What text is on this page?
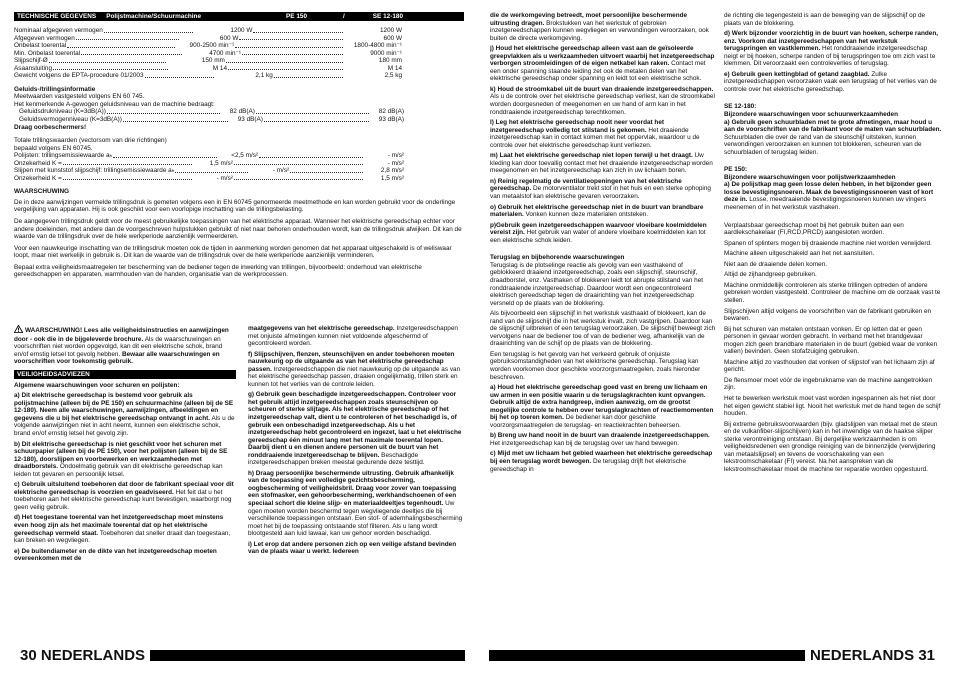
TECHNISCHE GEGEVENS Polijstmachine/Schuurmachine	PE 150	/	SE 12-180
Nominaal afgegeven vermogen	1200 W	1200 W
Afgegeven vermogen	600 W	600 W
Onbelast toerental	900-2500 min⁻¹	1800-4800 min⁻¹
Min. Onbelast toerental	4700 min⁻¹	9000 min⁻¹
Slijpschijf-Ø	150 mm	180 mm
Asaansluiting	M 14	M 14
Gewicht volgens de EPTA-procedure 01/2003	2,1 kg	2,5 kg
Geluids-/trillingsinformatie
Meetwaarden vastgesteld volgens EN 60 745.
Het kenmerkende A-gewogen geluidsniveau van de machine bedraagt:
Geluidsdrukniveau (K=3dB(A))	82 dB(A)	82 dB(A)
Geluidsvermogenniveau (K=3dB(A))	93 dB(A)	93 dB(A)
Draag oorbeschermers!
Totale trillingswaarden (vectorsom van drie richtingen) bepaald volgens EN 60745.
Polijsten: trillingsemissiewaarde aₕ	<2,5 m/s²	- m/s²
Onzekerheid K =	1,5 m/s²	- m/s²
Slijpen met kunststof slijpschijf: trillingsemissiewaarde aₕ	- m/s²	2,8 m/s²
Onzekerheid K =	- m/s²	1,5 m/s²
WAARSCHUWING

De in deze aanwijzingen vermelde trillingsdruk is gemeten volgens een in EN 60745 genormeerde meetmethode en kan worden gebruikt voor de onderlinge vergelijking van apparaten. Hij is ook geschikt voor een voorlopige inschatting van de trillingsbelasting.

De aangegeven trillingsdruk geldt voor de meest gebruikelijke toepassingen van het elektrische apparaat. Wanneer het elektrische gereedschap echter voor andere doeleinden, met andere dan de voorgeschreven hulpstukken gebruikt of niet naar behoren onderhouden wordt, kan de trillingsdruk afwijken. Dit kan de waarde van de trillingsdruk over de hele werkperiode aanzienlijk vermeerderen.

Voor een nauwkeurige inschatting van de trillingsdruk moeten ook de tijden in aanmerking worden genomen dat het apparaat uitgeschakeld is of weliswaar loopt, maar niet werkelijk in gebruik is. Dit kan de waarde van de trillingsdruk over de hele werkperiode aanzienlijk verminderen.

Bepaal extra veiligheidsmaatregelen ter bescherming van de bediener tegen de inwerking van trillingen, bijvoorbeeld: onderhoud van elektrische gereedschappen en apparaten, warmhouden van de handen, organisatie van de werkprocessen.

WAARSCHUWING! Lees alle veiligheidsinstructies en aanwijzingen door - ook die in de bijgeleverde brochure. Als de waarschuwingen en voorschriften niet worden opgevolgd, kan dit een elektrische schok, brand en/of ernstig letsel tot gevolg hebben. Bewaar alle waarschuwingen en voorschriften voor toekomstig gebruik.

VEILIGHEIDSADVIEZEN

Algemene waarschuwingen voor schuren en polijsten:

a) Dit elektrische gereedschap is bestemd voor gebruik als polijstmachine (alleen bij de PE 150) en schuurmachine (alleen bij de SE 12-180). Neem alle waarschuwingen, aanwijzingen, afbeeldingen en gegevens die u bij het elektrische gereedschap ontvangt in acht. Als u de volgende aanwijzingen niet in acht neemt, kunnen een elektrische schok, brand en/of ernstig letsel het gevolg zijn.

b) Dit elektrische gereedschap is niet geschikt voor het schuren met schuurpapier (alleen bij de PE 150), voor het polijsten (alleen bij de SE 12-180), doorslijpen en voorbewerken en werkzaamheden met draadborstels. Ondoelmatig gebruik van dit elektrische gereedschap kan leiden tot gevaren en persoonlijk letsel.

c) Gebruik uitsluitend toebehoren dat door de fabrikant speciaal voor dit elektrische gereedschap is voorzien en geadviseerd. Het feit dat u het toebehoren aan het elektrische gereedschap kunt bevestigen, waarborgt nog geen veilig gebruik.

d) Het toegestane toerental van het inzetgereedschap moet minstens even hoog zijn als het maximale toerental dat op het elektrische gereedschap vermeld staat. Toebehoren dat sneller draait dan toegestaan, kan breken en wegvliegen.

e) De buitendiameter en de dikte van het inzetgereedschap moeten overeenkomen met de

maatgegevens van het elektrische gereedschap. Inzetgereedschappen met onjuiste afmetingen kunnen niet voldoende afgeschermd of gecontroleerd worden.

f) Slijpschijven, flenzen, steunschijven en ander toebehoren moeten nauwkeurig op de uitgaande as van het elektrische gereedschap passen. Inzetgereedschappen die niet nauwkeurig op de uitgaande as van het elektrische gereedschap passen, draaien ongelijkmatig, trillen sterk en kunnen tot het verlies van de controle leiden.

g) Gebruik geen beschadigde inzetgereedschappen. Controleer voor het gebruik altijd inzetgereedschappen zoals steunschijven op scheuren of sterke slijtage. Als het elektrische gereedschap of het inzetgereedschap valt, dient u te controleren of het beschadigd is, of gebruik een onbeschadigd inzetgereedschap. Als u het inzetgereedschap hebt gecontroleerd en ingezet, laat u het elektrische gereedschap één minuut lang met het maximale toerental lopen. Daarbij dient u en dienen andere personen uit de buurt van het ronddraaiende inzetgereedschap te blijven. Beschadigde inzetgereedschappen breken meestal gedurende deze testtijd.

h) Draag persoonlijke beschermende uitrusting. Gebruik afhankelijk van de toepassing een volledige gezichtsbescherming, oogbescherming of veiligheidsbril. Draag voor zover van toepassing een stofmasker, een gehoorbescherming, werkhandschoenen of een speciaal schort die kleine slijp- en materiaaldeeltjes tegenhoudt. Uw ogen moeten worden beschermd tegen wegvliegende deeltjes die bij verschillende toepassingen ontstaan. Een stof- of ademhalingsbescherming moet het bij de toepassing ontstaande stof filteren. Als u lang wordt blootgesteld aan luid lawaai, kan uw gehoor worden beschadigd.

i) Let erop dat andere personen zich op een veilige afstand bevinden van de plaats waar u werkt. Iedereen

die de werkomgeving betreedt, moet persoonlijke beschermende uitrusting dragen. Brokstukken van het werkstuk of gebroken inzetgereedschappen kunnen wegvliegen en verwondingen veroorzaken, ook buiten de directe werkomgeving.

j) Houd het elektrische gereedschap alleen vast aan de geïsoleerde greepvlakken als u werkzaamheden uitvoert waarbij het inzetgereedschap verborgen stroomleidingen of de eigen netkabel kan raken. Contact met een onder spanning staande leiding zet ook de metalen delen van het elektrische gereedschap onder spanning en leidt tot een elektrische schok.

k) Houd de stroomkabel uit de buurt van draaiende inzetgereedschappen. Als u de controle over het elektrische gereedschap verliest, kan de stroomkabel worden doorgesneden of meegenomen en uw hand of arm kan in het ronddraaiende inzetgereedschap terechtkomen.

l) Leg het elektrische gereedschap nooit neer voordat het inzetgereedschap volledig tot stilstand is gekomen. Het draaiende inzetgereedschap kan in contact komen met het oppervlak, waardoor u de controle over het elektrische gereedschap kunt verliezen.

m) Laat het elektrische gereedschap niet lopen terwijl u het draagt. Uw kleding kan door toevallig contact met het draaiende inzetgereedschap worden meegenomen en het inzetgereedschap kan zich in uw lichaam boren.

n) Reinig regelmatig de ventilatieopeningen van het elektrische gereedschap. De motorventilator trekt stof in het huis en een sterke ophoping van metaalstof kan elektrische gevaren veroorzaken.

o) Gebruik het elektrische gereedschap niet in de buurt van brandbare materialen. Vonken kunnen deze materialen ontsteken.

p)Gebruik geen inzetgereedschappen waarvoor vloeibare koelmiddelen vereist zijn. Het gebruik van water of andere vloeibare koelmiddelen kan tot een elektrische schok leiden.

Terugslag en bijbehorende waarschuwingen

Terugslag is de plotselinge reactie als gevolg van een vasthakend of geblokkeerd draaiend inzetgereedschap, zoals een slijpschijf, steunschijf, draadborstel, enz. Vasthaken of blokkeren leidt tot abrupte stilstand van het ronddraaiende inzetgereedschap. Daardoor wordt een ongecontroleerd elektrisch gereedschap tegen de draairichting van het inzetgereedschap versneld op de plaats van de blokkering.

Als bijvoorbeeld een slijpschijf in het werkstuk vasthaakt of blokkeert, kan de rand van de slijpschijf die in het werkstuk invalt, zich vastgrijpen. Daardoor kan de slijpschijf uitbreken of een terugslag veroorzaken. De slijpschijf beweegt zich vervolgens naar de bediener toe of van de bediener weg, afhankelijk van de draairichting van de schijf op de plaats van de blokkering.

Een terugslag is het gevolg van het verkeerd gebruik of onjuiste gebruiksomstandigheden van het elektrische gereedschap. Terugslag kan worden voorkomen door geschikte voorzorgsmaatregelen, zoals hieronder beschreven.

a) Houd het elektrische gereedschap goed vast en breng uw lichaam en uw armen in een positie waarin u de terugslagkrachten kunt opvangen. Gebruik altijd de extra handgreep, indien aanwezig, om de grootst mogelijke controle te hebben over terugslagkrachten of reactiemomenten bij het op toeren komen. De bediener kan door geschikte voorzorgsmaatregelen de terugslag- en reactiekrachten beheersen.

b) Breng uw hand nooit in de buurt van draaiende inzetgereedschappen. Het inzetgereedschap kan bij de terugslag over uw hand bewegen.

c) Mijd met uw lichaam het gebied waarheen het elektrische gereedschap bij een terugslag wordt bewogen. De terugslag drijft het elektrische gereedschap in

de richting die tegengesteld is aan de beweging van de slijpschijf op de plaats van de blokkering.

d) Werk bijzonder voorzichtig in de buurt van hoeken, scherpe randen, enz. Voorkom dat inzetgereedschappen van het werkstuk terugspringen en vastklemmen. Het ronddraaiende inzetgereedschap neigt er bij hoeken, scherpe randen of bij terugspringen toe om zich vast te klemmen. Dit veroorzaakt een controleverlies of terugslag.

e) Gebruik geen kettingblad of getand zaagblad. Zulke inzetgereedschappen veroorzaken vaak een terugslag of het verlies van de controle over het elektrische gereedschap.

SE 12-180:
Bijzondere waarschuwingen voor schuurwerkzaamheden

a) Gebruik geen schuurbladen met te grote afmetingen, maar houd u aan de voorschriften van de fabrikant voor de maten van schuurbladen. Schuurbladen die over de rand van de steunschijf uitsteken, kunnen verwondingen veroorzaken en kunnen tot blokkeren, scheuren van de schuurbladen of terugslag leiden.

PE 150:
Bijzondere waarschuwingen voor polijstwerkzaamheden

a) De polijstkap mag geen losse delen hebben, in het bijzonder geen losse bevestigingsnoeren. Maak de bevestigingssnoeren vast of kort deze in. Losse, meedraaiende bevestigingssnoeren kunnen uw vingers meenemen of in het werkstuk vasthaken.

Verplaatsbaar gereedschap moet bij het gebruik buiten aan een aardlekschakelaar (FI,RCD,PRCD) aangesloten worden.

Spanen of splinters mogen bij draaiende machine niet worden verwijderd.

Machine alleen uitgeschakeld aan het net aansluiten.

Niet aan de draaiende delen komen.

Altijd de zijhandgreep gebruiken.

Machine onmiddellijk controleren als sterke trillingen optreden of andere gebreken worden vastgesteld. Controleer de machine om de oorzaak vast te stellen.

Slijpschijven altijd volgens de voorschriften van de fabrikant gebruiken en bewaren.

Bij het schuren van metalen ontstaan vonken. Er op letten dat er geen personen in gevaar worden gebracht. In verband met het brandgevaar mogen zich geen brandbare materialen in de buurt (gebied waar de vonken vallen) bevinden. Geen stofafzuiging gebruiken.

Machine altijd zo vasthouden dat vonken of slijpstof van het lichaam zijn af gericht.

De flensmoer moet vóór de ingebruikname van de machine aangetrokken zijn.

Het te bewerken werkstuk moet vast worden ingespannen als het niet door het eigen gewicht stabiel ligt. Nooit het werkstuk met de hand tegen de schijf houden.

Bij extreme gebruiksvoorwaarden (bijv. gladslijpen van metaal met de steun en de vulkanfiber-slijpschijven) kan in het inwendige van de haakse slijper sterke verontreiniging ontstaan. Bij dergelijke werkzaamheden is om veiligheidsredenen een grondige reiniging van de binnenzijde (verwijdering van metaalslijpsel) en tevens de voorschakeling van een lekstroomschakelaar (FI) vereist. Na het aanspreken van de lekstroomschakelaar moet de machine ter reparatie worden opgestuurd.

30 NEDERLANDS	NEDERLANDS 31
